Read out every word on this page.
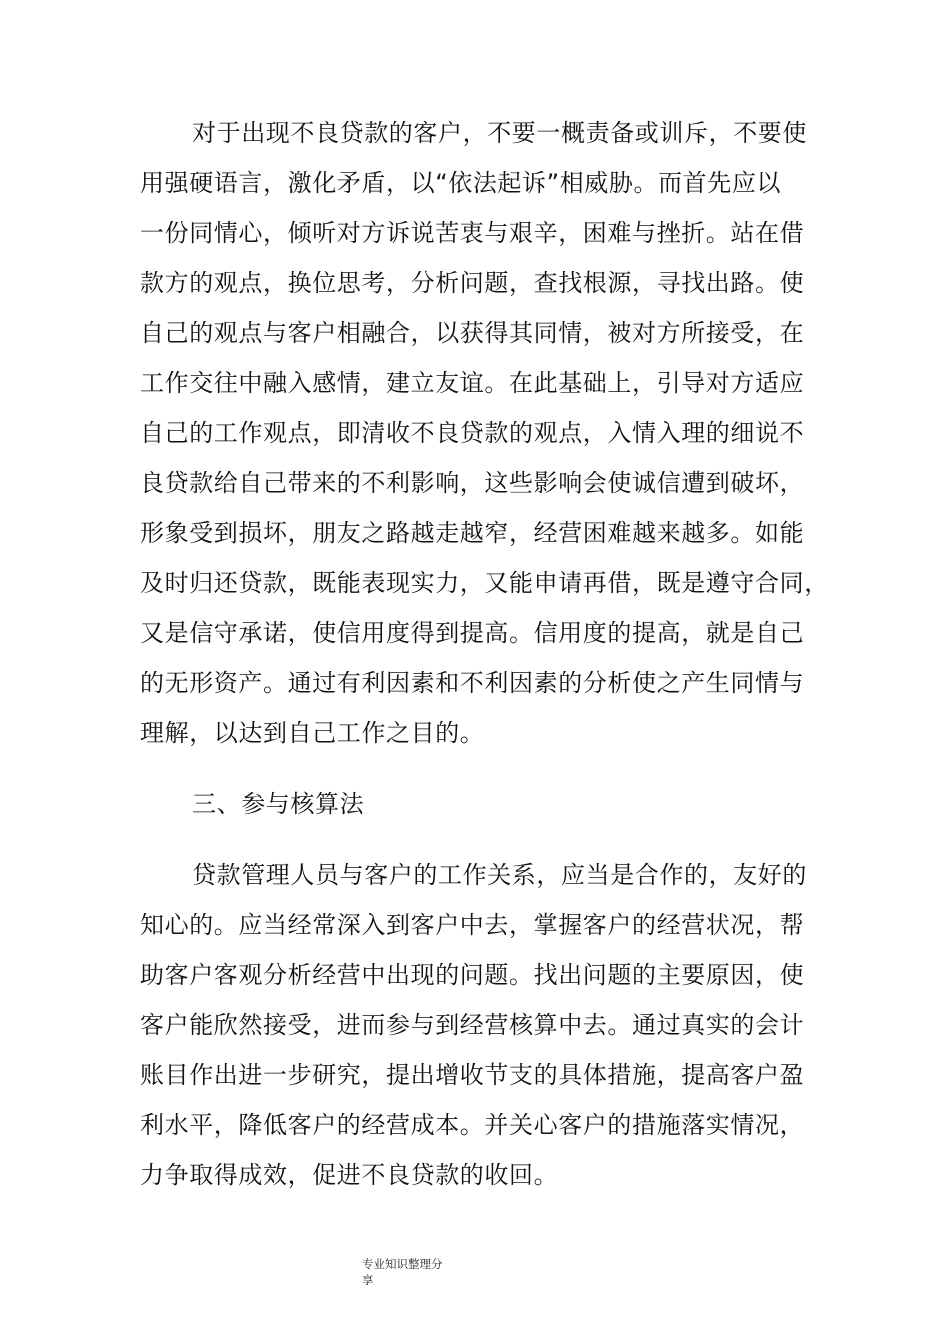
对于出现不良贷款的客户，不要一概责备或训斥，不要使
用强硬语言，激化矛盾，以“依法起诉”相威胁。而首先应以
一份同情心，倾听对方诉说苦衷与艰辛，困难与挫折。站在借
款方的观点，换位思考，分析问题，查找根源，寻找出路。使
自己的观点与客户相融合，以获得其同情，被对方所接受，在
工作交往中融入感情，建立友谊。在此基础上，引导对方适应
自己的工作观点，即清收不良贷款的观点，入情入理的细说不
良贷款给自己带来的不利影响，这些影响会使诚信遭到破坏，
形象受到损坏，朋友之路越走越窄，经营困难越来越多。如能
及时归还贷款，既能表现实力，又能申请再借，既是遵守合同，
又是信守承诺，使信用度得到提高。信用度的提高，就是自己
的无形资产。通过有利因素和不利因素的分析使之产生同情与
理解，以达到自己工作之目的。
三、参与核算法
贷款管理人员与客户的工作关系，应当是合作的，友好的
知心的。应当经常深入到客户中去，掌握客户的经营状况，帮
助客户客观分析经营中出现的问题。找出问题的主要原因，使
客户能欣然接受，进而参与到经营核算中去。通过真实的会计
账目作出进一步研究，提出增收节支的具体措施，提高客户盈
利水平，降低客户的经营成本。并关心客户的措施落实情况，
力争取得成效，促进不良贷款的收回。
专业知识整理分
享
